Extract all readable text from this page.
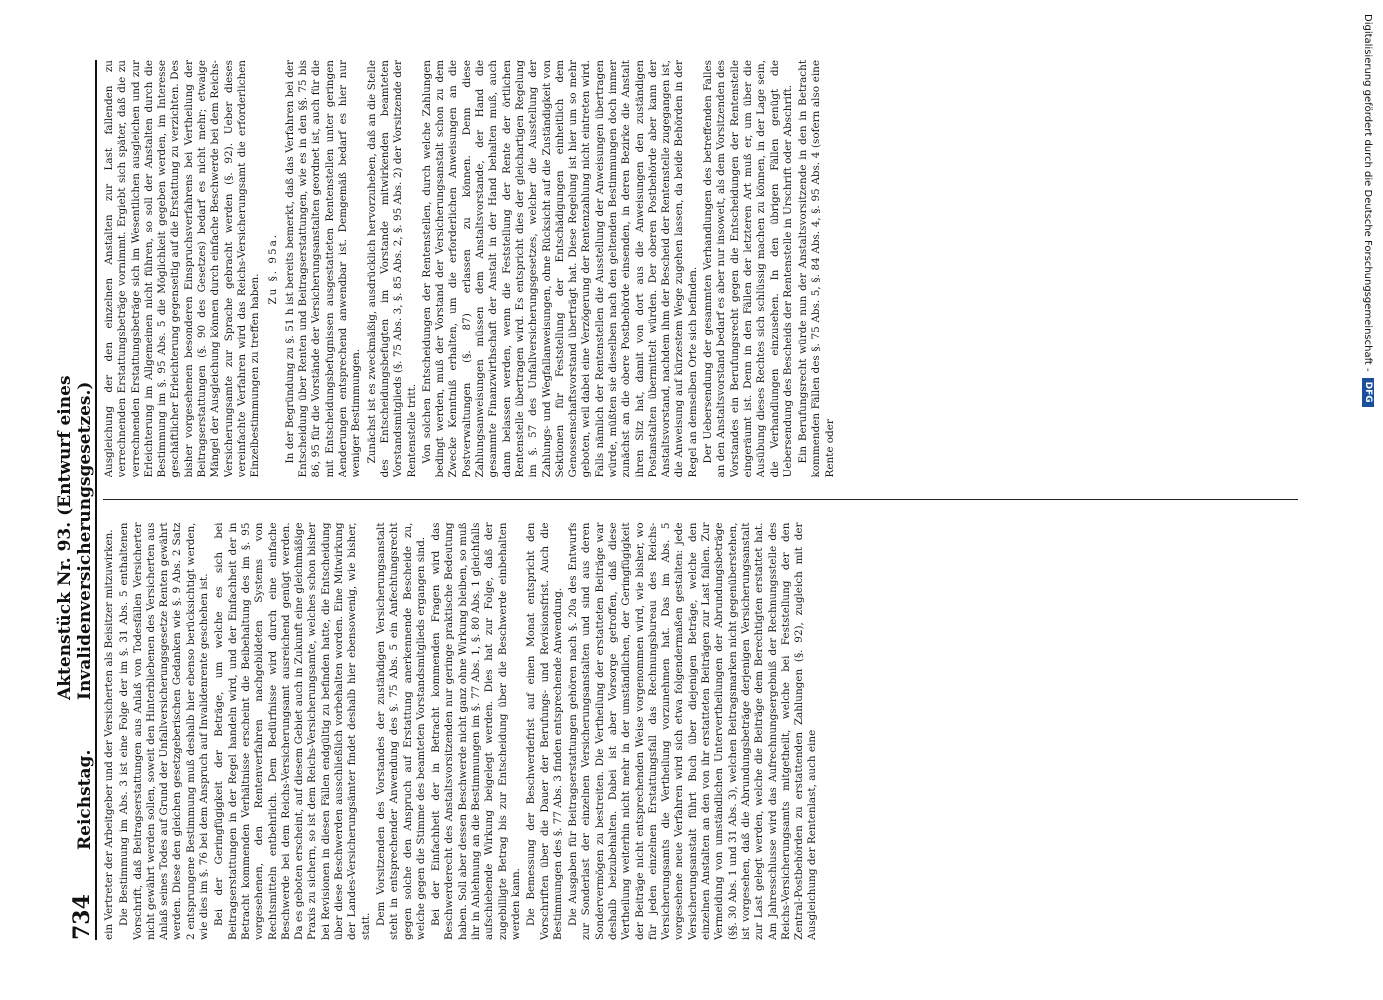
734
Reichstag.
Aktenstück Nr. 93. (Entwurf eines Invalidenversicherungsgesetzes.) ein Vertreter der Arbeitgeber und der Versicherten als Beisitzer mitzuwirken. Die Bestimmung im Abs. 3 ist eine Folge der im §. 31 Abs. 5 enthaltenen Vorschrift, daß Beitragserstattungen aus Anlaß von Todesfällen Versicherter nicht gewährt werden sollen, soweit den Hinterbliebenen des Versicherten aus Anlaß seines Todes auf Grund der Unfallversicherungsgesetze Renten gewährt werden. Diese den gleichen gesetzgeberischen Gedanken wie §. 9 Abs. 2 Satz 2 entsprungene Bestimmung muß deshalb hier ebenso berücksichtigt werden, wie dies im §. 76 bei dem Anspruch auf Invalidenrente geschehen ist. Bei der Geringfügigkeit der Beträge, um welche es sich bei Beitragserstattungen in der Regel handeln wird, und der Einfachheit der in Betracht kommenden Verhältnisse erscheint die Beibehaltung des im §. 95 vorgesehenen, den Rentenverfahren nachgebildeten Systems von Rechtsmitteln entbehrlich. Dem Bedürfnisse wird durch eine einfache Beschwerde bei dem Reichs-Versicherungsamt ausreichend genügt werden. Da es geboten erscheint, auf diesem Gebiet auch in Zukunft eine gleichmäßige Praxis zu sichern, so ist dem Reichs-Versicherungsamte, welches schon bisher bei Revisionen in diesen Fällen endgültig zu befinden hatte, die Entscheidung über diese Beschwerden ausschließlich vorbehalten worden. Eine Mitwirkung der Landes-Versicherungsämter findet deshalb hier ebensowenig, wie bisher, statt.

Dem Vorsitzenden des Vorstandes der zuständigen Versicherungsanstalt steht in entsprechender Anwendung des §. 75 Abs. 5 ein Anfechtungsrecht gegen solche den Anspruch auf Erstattung anerkennende Bescheide zu, welche gegen die Stimme des beamteten Vorstandsmitglieds ergangen sind. Bei der Einfachheit der in Betracht kommenden Fragen wird das Beschwerderecht des Anstaltsvorsitzenden nur geringe praktische Bedeutung haben. Soll aber dessen Beschwerde nicht ganz ohne Wirkung bleiben, so muß ihr in Anlehnung an die Bestimmungen im §. 77 Abs. 1, §. 80 Abs. 1 gleichfalls aufschiebende Wirkung beigelegt werden. Dies hat zur Folge, daß der zugebilligte Betrag bis zur Entscheidung über die Beschwerde einbehalten werden kann. Die Bemessung der Beschwerdefrist auf einen Monat entspricht den Vorschriften über die Dauer der Berufungs- und Revisionsfrist. Auch die Bestimmungen des §. 77 Abs. 3 finden entsprechende Anwendung. Die Ausgaben für Beitragserstattungen gehören nach §. 20a des Entwurfs zur Sonderlast der einzelnen Versicherungsanstalten und sind aus deren Sondervermögen zu bestreiten. Die Vertheilung der erstatteten Beiträge war deshalb beizubehalten. Dabei ist aber Vorsorge getroffen, daß diese Vertheilung weiterhin nicht mehr in der umständlichen, der Geringfügigkeit der Beiträge nicht entsprechenden Weise vorgenommen wird, wie bisher, wo für jeden einzelnen Erstattungsfall das Rechnungsbureau des Reichs-Versicherungsamts die Vertheilung vorzunehmen hat. Das im Abs. 5 vorgesehene neue Verfahren wird sich etwa folgendermaßen gestalten: jede Versicherungsanstalt führt Buch über diejenigen Beträge, welche den einzelnen Anstalten an den von ihr erstatteten Beiträgen zur Last fallen. Zur Vermeidung von umständlichen Untervertheilungen der Abrundungsbeträge (§§. 30 Abs. 1 und 31 Abs. 3), welchen Beitragsmarken nicht gegenüberstehen, ist vorgesehen, daß die Abrundungsbeträge derjenigen Versicherungsanstalt zur Last gelegt werden, welche die Beiträge dem Berechtigten erstattet hat. Am Jahresschlusse wird das Aufrechnungsergebniß der Rechnungsstelle des Reichs-Versicherungsamts mitgetheilt, welche bei Feststellung der den Zentral-Postbehörden zu erstattenden Zahlungen (§. 92), zugleich mit der Ausgleichung der Rentenlast, auch eine

Ausgleichung der den einzelnen Anstalten zur Last fallenden zu verrechnenden Erstattungsbeträge vornimmt. Ergiebt sich später, daß die zu verrechnenden Erstattungsbeträge sich im Wesentlichen ausgleichen und zur Erleichterung im Allgemeinen nicht führen, so soll der Anstalten durch die Bestimmung im §. 95 Abs. 5 die Möglichkeit gegeben werden, im Interesse geschäftlicher Erleichterung gegenseitig auf die Erstattung zu verzichten. Des bisher vorgesehenen besonderen Einspruchsverfahrens bei Vertheilung der Beitragserstattungen (§. 90 des Gesetzes) bedarf es nicht mehr; etwaige Mängel der Ausgleichung können durch einfache Beschwerde bei dem Reichs-Versicherungsamte zur Sprache gebracht werden (§. 92). Ueber dieses vereinfachte Verfahren wird das Reichs-Versicherungsamt die erforderlichen Einzelbestimmungen zu treffen haben.

Zu §. 95a. In der Begründung zu §. 51 h ist bereits bemerkt, daß das Verfahren bei der Entscheidung über Renten und Beitragserstattungen, wie es in den §§. 75 bis 86, 95 für die Vorstände der Versicherungsanstalten geordnet ist, auch für die mit Entscheidungsbefugnissen ausgestatteten Rentenstellen unter geringen Aenderungen entsprechend anwendbar ist. Demgemäß bedarf es hier nur weniger Bestimmungen. Zunächst ist es zweckmäßig, ausdrücklich hervorzuheben, daß an die Stelle des Entscheidungsbefugten im Vorstande mitwirkenden beamteten Vorstandsmitglieds (§. 75 Abs. 3, §. 85 Abs. 2, §. 95 Abs. 2) der Vorsitzende der Rentenstelle tritt. Von solchen Entscheidungen der Rentenstellen, durch welche Zahlungen bedingt werden, muß der Vorstand der Versicherungsanstalt schon zu dem Zwecke Kenntniß erhalten, um die erforderlichen Anweisungen an die Postverwaltungen (§. 87) erlassen zu können. Denn diese Zahlungsanweisungen müssen dem Anstaltsvorstande, der Hand die gesammte Finanzwirthschaft der Anstalt in der Hand behalten muß, auch dann belassen werden, wenn die Feststellung der Rente der örtlichen Rentenstelle übertragen wird. Es entspricht dies der gleichartigen Regelung im §. 57 des Unfallversicherungsgesetzes, welcher die Ausstellung der Zahlungs- und Wegfallanweisungen, ohne Rücksicht auf die Zuständigkeit von Sektionen für Feststellung der Entschädigungen einheitlich dem Genossenschaftsvorstand überträgt hat. Diese Regelung ist hier um so mehr geboten, weil dabei eine Verzögerung der Rentenzahlung nicht eintreten wird. Falls nämlich der Rentenstellen die Ausstellung der Anweisungen übertragen würde, müßten sie dieselben nach den geltenden Bestimmungen doch immer zunächst an die obere Postbehörde einsenden, in deren Bezirke die Anstalt ihren Sitz hat, damit von dort aus die Anweisungen den zuständigen Postanstalten übermittelt würden. Der oberen Postbehörde aber kann der Anstaltsvorstand, nachdem ihm der Bescheid der Rentenstelle zugegangen ist, die Anweisung auf kürzestem Wege zugehen lassen, da beide Behörden in der Regel an demselben Orte sich befinden. Der Uebersendung der gesammten Verhandlungen des betreffenden Falles an den Anstaltsvorstand bedarf es aber nur insoweit, als dem Vorsitzenden des Vorstandes ein Berufungsrecht gegen die Entscheidungen der Rentenstelle eingeräumt ist. Denn in den Fällen der letzteren Art muß er, um über die Ausübung dieses Rechtes sich schlüssig machen zu können, in der Lage sein, die Verhandlungen einzusehen. In den übrigen Fällen genügt die Uebersendung des Bescheids der Rentenstelle in Urschrift oder Abschrift. Ein Berufungsrecht würde nun der Anstaltsvorsitzende in den in Betracht kommenden Fällen des §. 75 Abs. 5, §. 84 Abs. 4, §. 95 Abs. 4 (sofern also eine Rente oder

Digitalisierung gefördert durch die Deutsche Forschungsgemeinschaft -
DFG
